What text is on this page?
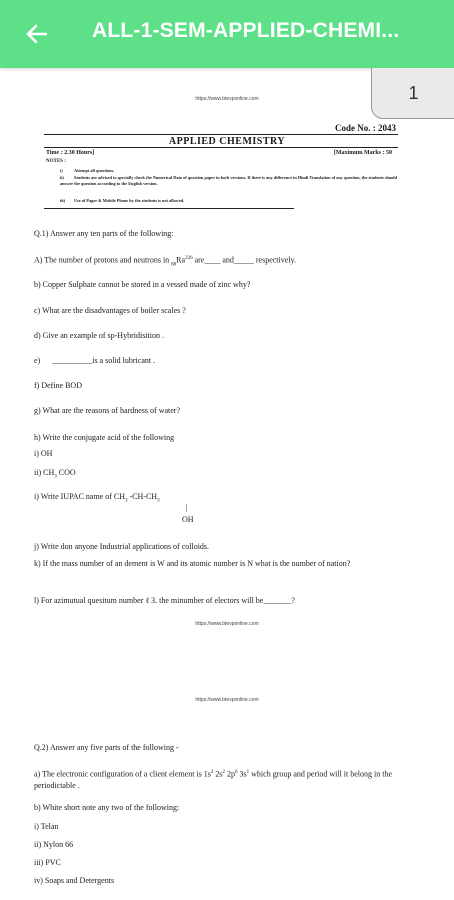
ALL-1-SEM-APPLIED-CHEMI...
1
https://www.btevponline.com
Code No. : 2043
APPLIED CHEMISTRY
Time : 2.30 Hours]	[Maximum Marks : 50
NOTES :
i)	Attempt all questions.
ii) Students are advised to specially check the Numerical Data of question paper in both versions. If there is any difference in Hindi Translation of any question, the students should answer the question according to the English version.
iii) Use of Pager & Mobile Phone by the students is not allowed.
Q.1) Answer any ten parts of the following:
A) The number of protons and neutrons in $_{88}Ra^{226}$ are____ and_____ respectively.
b) Copper Sulphate cannot be stored in a vessed made of zinc why?
c) What are the disadvantages of boiler scales ?
d) Give an example of sp-Hybridisition .
e)      __________is a solid lubricant .
f) Define BOD
g) What are the reasons of hardness of water?
h) Write the conjugate acid of the following
i) OH
ii) $CH_3$ COO
i) Write IUPAC name of $CH_3$ $-CH-CH_3$
|
OH
j) Write don anyone Industrial applications of colloids.
k) If the mass number of an dement is W and its atomic number is N what is the number of nation?
l) For azimutual quesitum number ℓ 3. the minumber of electors will be_______?
https://www.btevponline.com
https://www.btevponline.com
Q.2) Answer any five parts of the following -
a) The electronic configuration of a client element is $1s^2$ $2s^2$ $2p^6$ $3s^1$ which group and period will it belong in the periodictable .
b) White short note any two of the following:
i) Telan
ii) Nylon 66
iii) PVC
iv) Soaps and Detergents
